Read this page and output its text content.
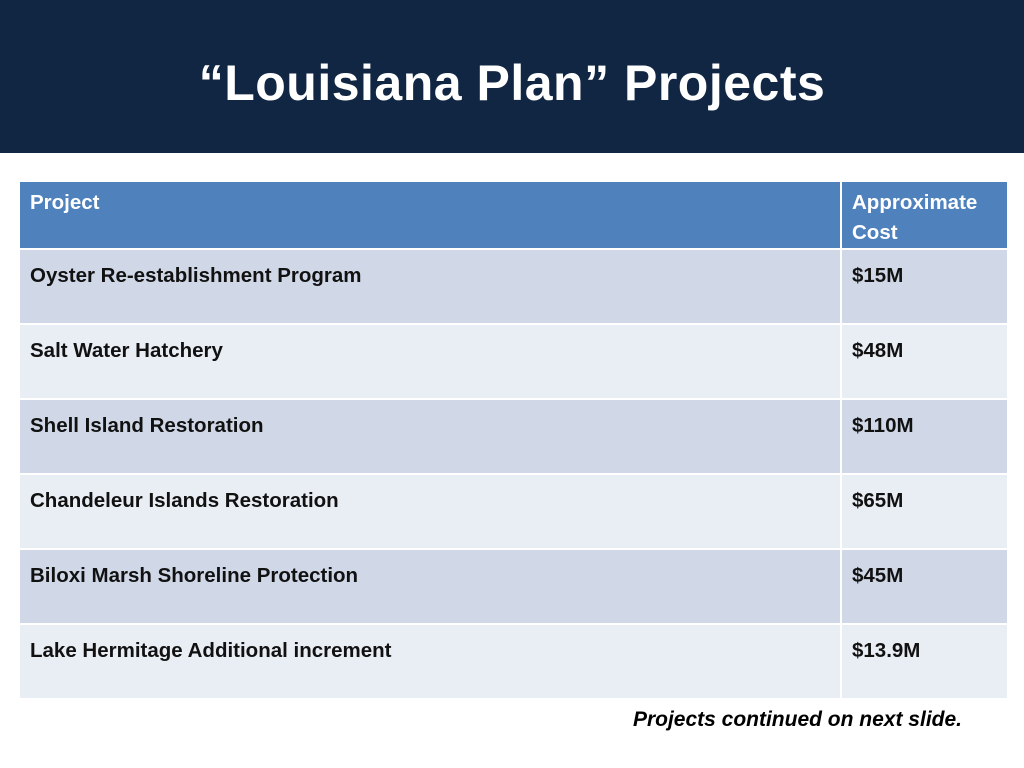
“Louisiana Plan” Projects
Project	Approximate Cost
Oyster Re-establishment Program	$15M
Salt Water Hatchery	$48M
Shell Island Restoration	$110M
Chandeleur Islands Restoration	$65M
Biloxi Marsh Shoreline Protection	$45M
Lake Hermitage Additional increment	$13.9M

Projects continued on next slide.
